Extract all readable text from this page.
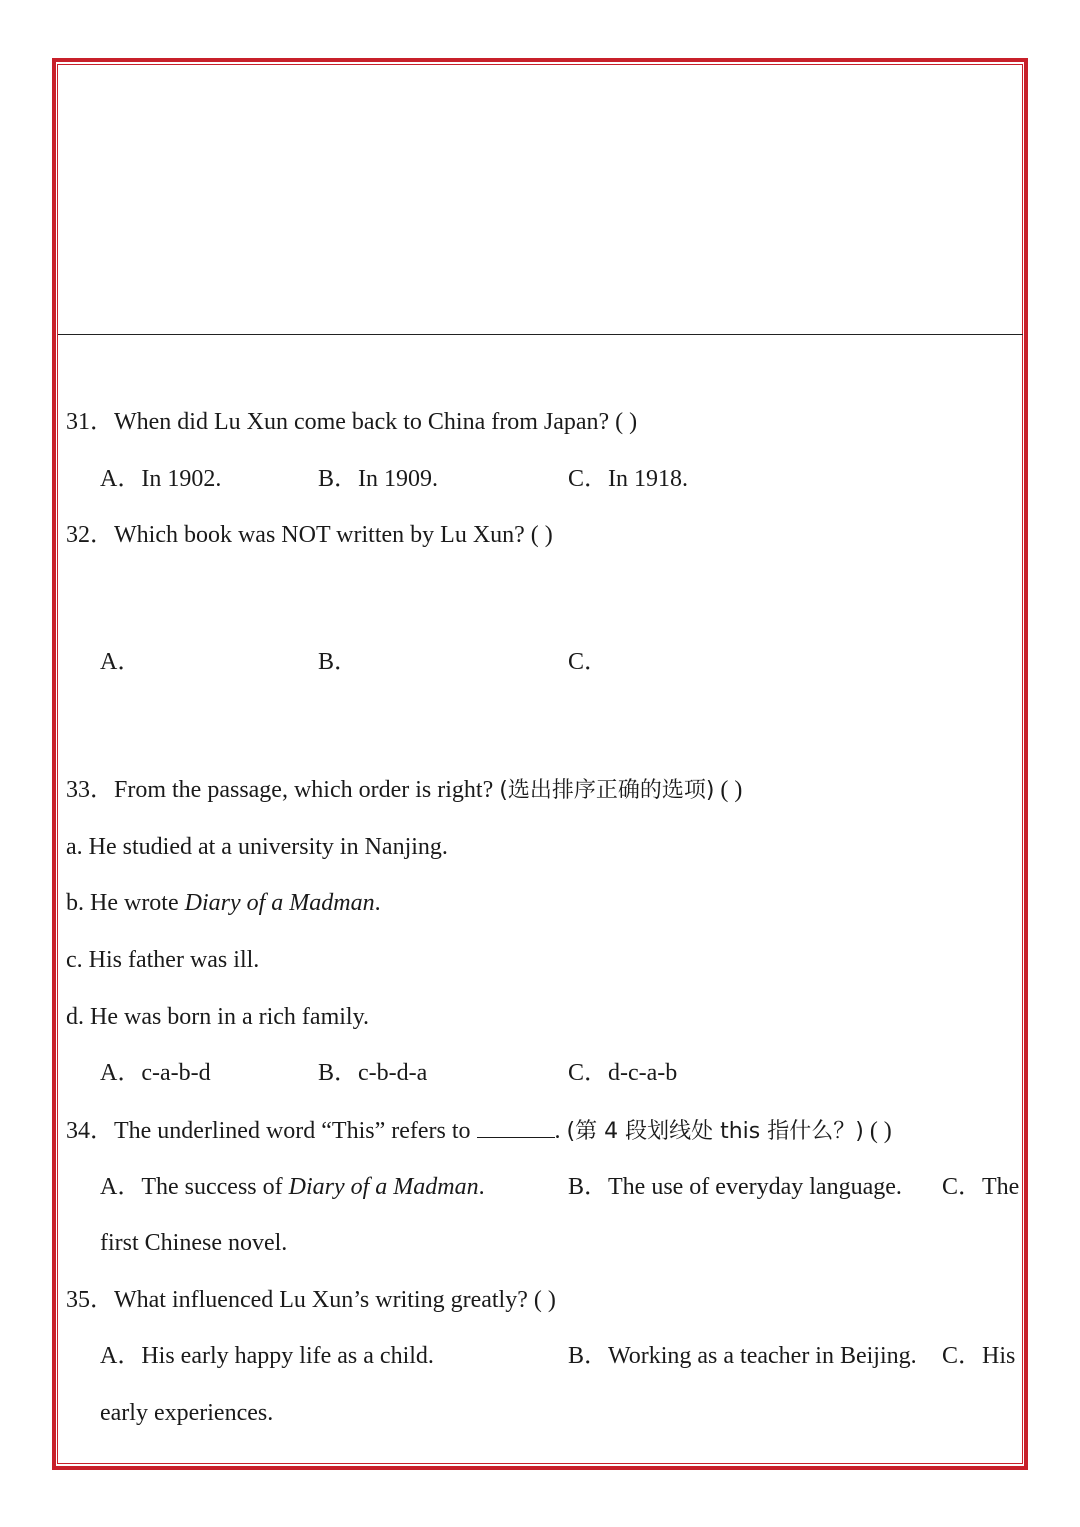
31．When did Lu Xun come back to China from Japan? ( )
A．In 1902.	B．In 1909.	C．In 1918.
32．Which book was NOT written by Lu Xun? ( )
A．	B．	C．
33．From the passage, which order is right? (选出排序正确的选项) ( )
a. He studied at a university in Nanjing.
b. He wrote Diary of a Madman.
c. His father was ill.
d. He was born in a rich family.
A．c-a-b-d	B．c-b-d-a	C．d-c-a-b
34．The underlined word “This” refers to	. (第 4 段划线处 this 指什么？) ( )
A．The success of Diary of a Madman.	B．The use of everyday language. C．The
first Chinese novel.
35．What influenced Lu Xun’s writing greatly? ( )
A．His early happy life as a child.	B．Working as a teacher in Beijing. C．His
early experiences.
